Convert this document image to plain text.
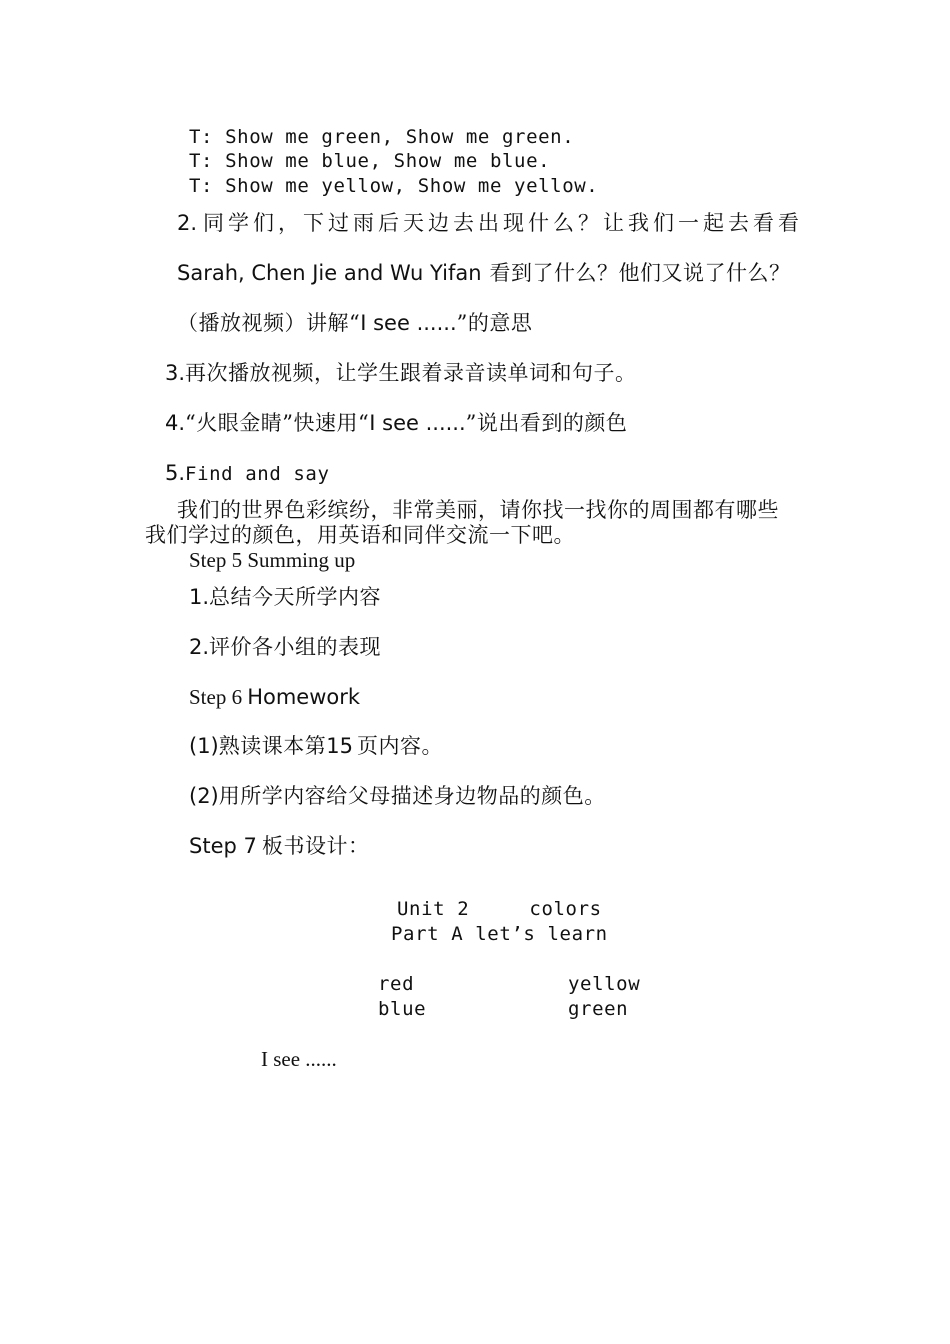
T: Show me green, Show me green.
T: Show me blue, Show me blue.
T: Show me yellow, Show me yellow.
2. 同学们，下过雨后天边去出现什么？让我们一起去看看
Sarah, Chen Jie and Wu Yifan 看到了什么？他们又说了什么？
（播放视频）讲解“I see ......”的意思
3.再次播放视频，让学生跟着录音读单词和句子。
4.“火眼金睛”快速用“I see ......”说出看到的颜色
5.Find and say
我们的世界色彩缤纷，非常美丽，请你找一找你的周围都有哪些
我们学过的颜色，用英语和同伴交流一下吧。
Step 5 Summing up
1.总结今天所学内容
2.评价各小组的表现
Step 6 Homework
(1)熟读课本第15 页内容。
(2)用所学内容给父母描述身边物品的颜色。
Step 7 板书设计：
Unit 2     colors
Part A let’s learn
red	yellow
blue	green
I see ......
